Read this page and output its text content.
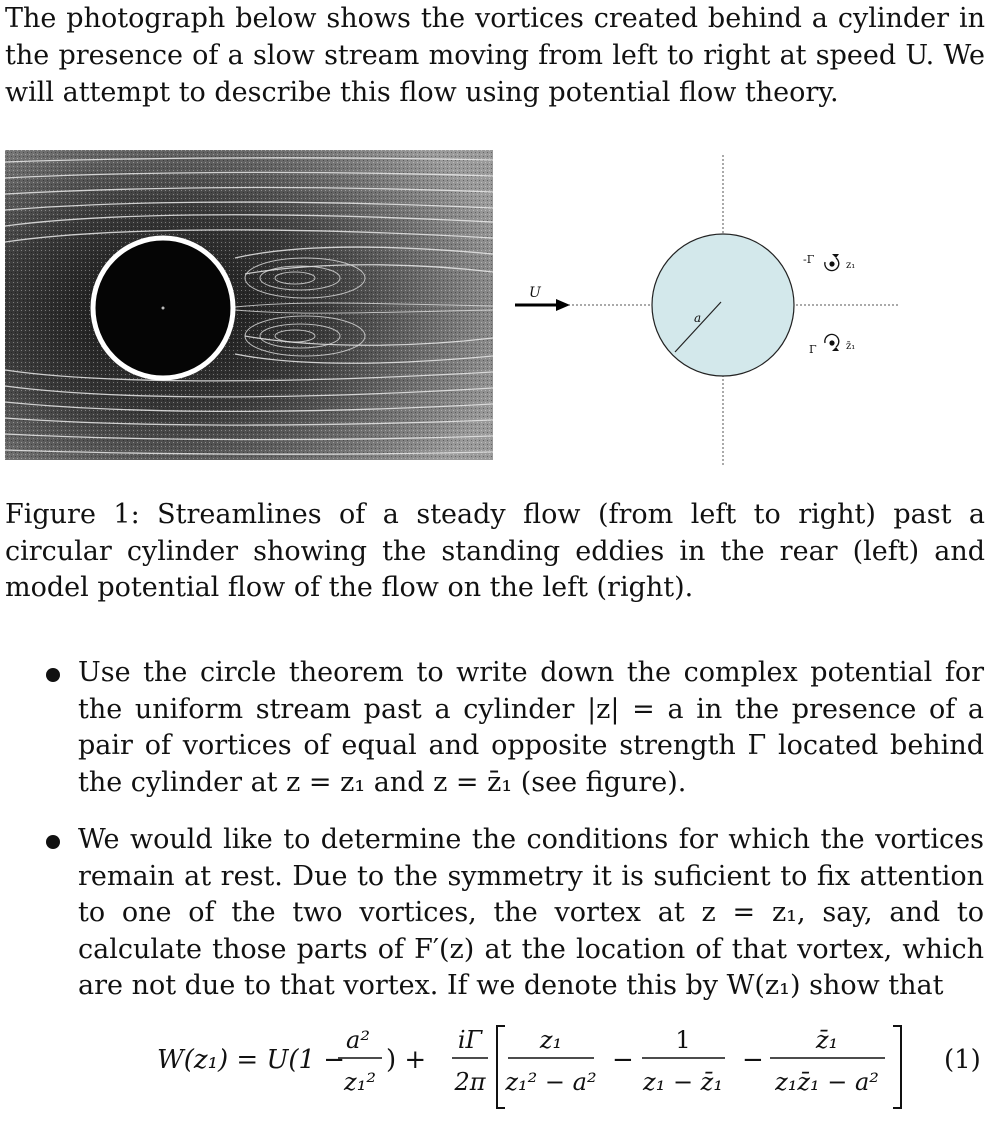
The photograph below shows the vortices created behind a cylinder in the presence of a slow stream moving from left to right at speed U. We will attempt to describe this flow using potential flow theory.

U
a
-Γ	z₁
Γ	z̄₁

Figure 1: Streamlines of a steady flow (from left to right) past a circular cylinder showing the standing eddies in the rear (left) and model potential flow of the flow on the left (right).

Use the circle theorem to write down the complex potential for the uniform stream past a cylinder |z| = a in the presence of a pair of vortices of equal and opposite strength Γ located behind the cylinder at z = z₁ and z = z̄₁ (see figure).
We would like to determine the conditions for which the vortices remain at rest. Due to the symmetry it is suficient to fix attention to one of the two vortices, the vortex at z = z₁, say, and to calculate those parts of F′(z) at the location of that vortex, which are not due to that vortex. If we denote this by W(z₁) show that
W(z₁) = U(1 −
a²
z₁²
) +
iΓ
2π
z₁
z₁² − a²
−
1
z₁ − z̄₁
−
z̄₁
z₁z̄₁ − a²
(1)
